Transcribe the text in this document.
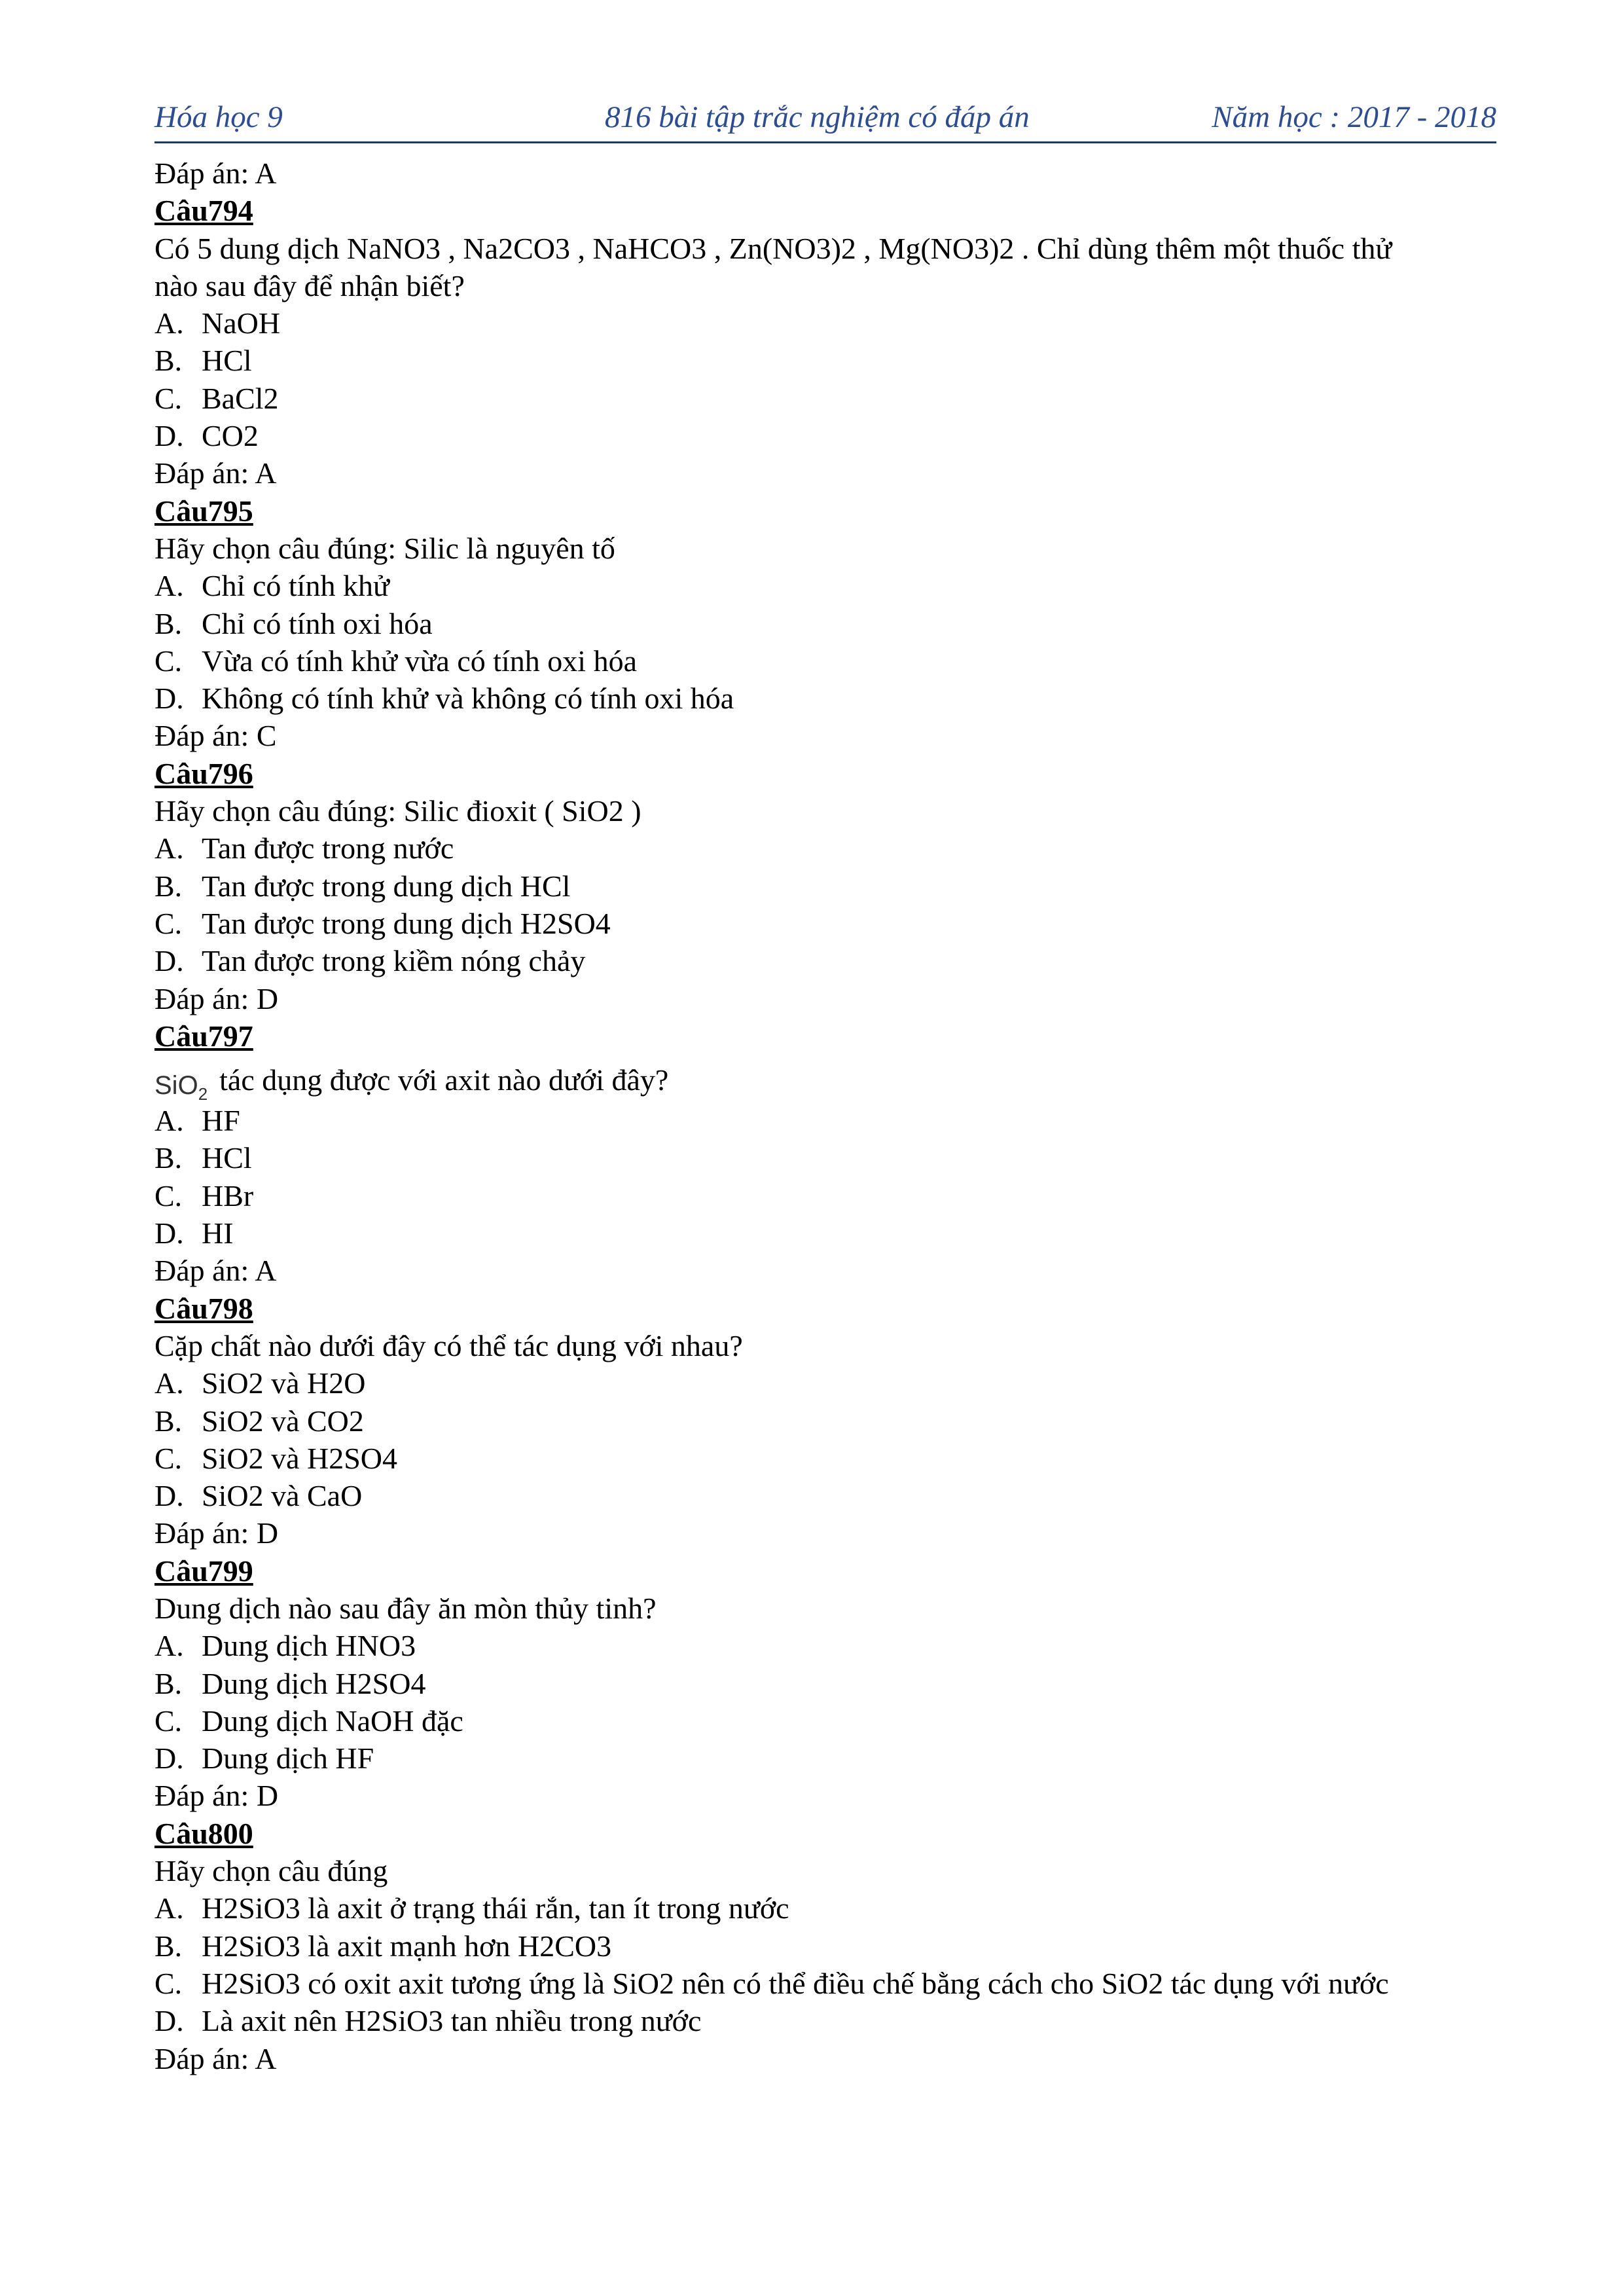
Hóa học 9	816 bài tập trắc nghiệm có đáp án	Năm học : 2017 - 2018
Đáp án: A
Câu794
Có 5 dung dịch NaNO3 , Na2CO3 , NaHCO3 , Zn(NO3)2 , Mg(NO3)2 . Chỉ dùng thêm một thuốc thử
nào sau đây để nhận biết?
A. NaOH
B. HCl
C. BaCl2
D. CO2
Đáp án: A
Câu795
Hãy chọn câu đúng: Silic là nguyên tố
A. Chỉ có tính khử
B. Chỉ có tính oxi hóa
C. Vừa có tính khử vừa có tính oxi hóa
D. Không có tính khử và không có tính oxi hóa
Đáp án: C
Câu796
Hãy chọn câu đúng: Silic đioxit ( SiO2 )
A. Tan được trong nước
B. Tan được trong dung dịch HCl
C. Tan được trong dung dịch H2SO4
D. Tan được trong kiềm nóng chảy
Đáp án: D
Câu797
SiO$_2$ tác dụng được với axit nào dưới đây?
A. HF
B. HCl
C. HBr
D. HI
Đáp án: A
Câu798
Cặp chất nào dưới đây có thể tác dụng với nhau?
A. SiO2 và H2O
B. SiO2 và CO2
C. SiO2 và H2SO4
D. SiO2 và CaO
Đáp án: D
Câu799
Dung dịch nào sau đây ăn mòn thủy tinh?
A. Dung dịch HNO3
B. Dung dịch H2SO4
C. Dung dịch NaOH đặc
D. Dung dịch HF
Đáp án: D
Câu800
Hãy chọn câu đúng
A. H2SiO3 là axit ở trạng thái rắn, tan ít trong nước
B. H2SiO3 là axit mạnh hơn H2CO3
C. H2SiO3 có oxit axit tương ứng là SiO2 nên có thể điều chế bằng cách cho SiO2 tác dụng với nước
D. Là axit nên H2SiO3 tan nhiều trong nước
Đáp án: A
